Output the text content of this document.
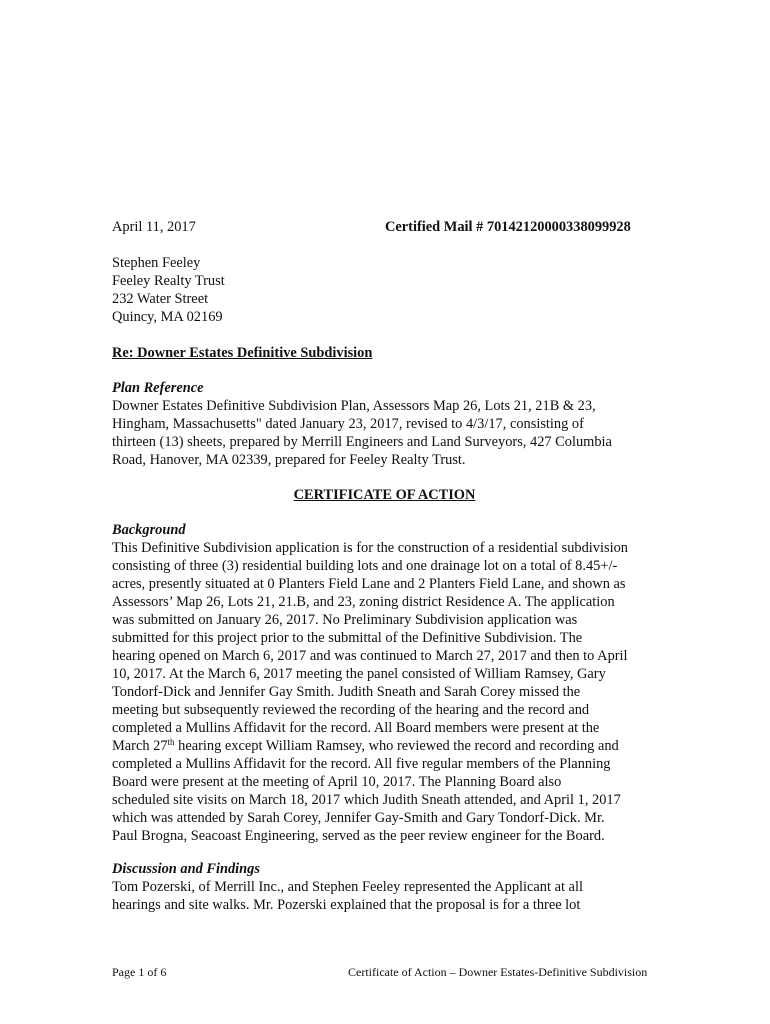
April 11, 2017	Certified Mail # 70142120000338099928
Stephen Feeley
Feeley Realty Trust
232 Water Street
Quincy, MA 02169
Re: Downer Estates Definitive Subdivision
Plan Reference
Downer Estates Definitive Subdivision Plan, Assessors Map 26, Lots 21, 21B & 23,
Hingham, Massachusetts" dated January 23, 2017, revised to 4/3/17, consisting of
thirteen (13) sheets, prepared by Merrill Engineers and Land Surveyors, 427 Columbia
Road, Hanover, MA 02339, prepared for Feeley Realty Trust.
CERTIFICATE OF ACTION
Background
This Definitive Subdivision application is for the construction of a residential subdivision
consisting of three (3) residential building lots and one drainage lot on a total of 8.45+/-
acres, presently situated at 0 Planters Field Lane and 2 Planters Field Lane, and shown as
Assessors’ Map 26, Lots 21, 21.B, and 23, zoning district Residence A. The application
was submitted on January 26, 2017. No Preliminary Subdivision application was
submitted for this project prior to the submittal of the Definitive Subdivision. The
hearing opened on March 6, 2017 and was continued to March 27, 2017 and then to April
10, 2017. At the March 6, 2017 meeting the panel consisted of William Ramsey, Gary
Tondorf-Dick and Jennifer Gay Smith. Judith Sneath and Sarah Corey missed the
meeting but subsequently reviewed the recording of the hearing and the record and
completed a Mullins Affidavit for the record. All Board members were present at the
March 27th hearing except William Ramsey, who reviewed the record and recording and
completed a Mullins Affidavit for the record. All five regular members of the Planning
Board were present at the meeting of April 10, 2017. The Planning Board also
scheduled site visits on March 18, 2017 which Judith Sneath attended, and April 1, 2017
which was attended by Sarah Corey, Jennifer Gay-Smith and Gary Tondorf-Dick. Mr.
Paul Brogna, Seacoast Engineering, served as the peer review engineer for the Board.
Discussion and Findings
Tom Pozerski, of Merrill Inc., and Stephen Feeley represented the Applicant at all
hearings and site walks. Mr. Pozerski explained that the proposal is for a three lot
Page 1 of 6	Certificate of Action – Downer Estates-Definitive Subdivision
